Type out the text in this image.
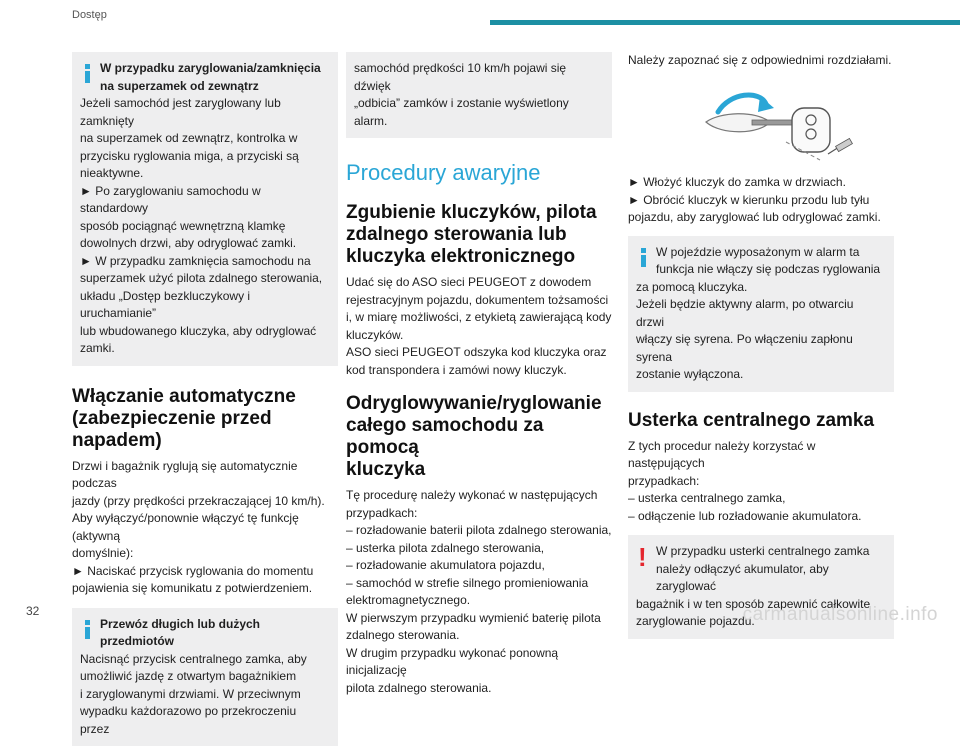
Dostęp

W przypadku zaryglowania/zamknięcia

na superzamek od zewnątrz

Jeżeli samochód jest zaryglowany lub zamknięty

na superzamek od zewnątrz, kontrolka w

przycisku ryglowania miga, a przyciski są

nieaktywne.

► Po zaryglowaniu samochodu w standardowy

sposób pociągnąć wewnętrzną klamkę

dowolnych drzwi, aby odryglować zamki.

► W przypadku zamknięcia samochodu na

superzamek użyć pilota zdalnego sterowania,

układu „Dostęp bezkluczykowy i uruchamianie”

lub wbudowanego kluczyka, aby odryglować

zamki.

Włączanie automatyczne
(zabezpieczenie przed
napadem)

Drzwi i bagażnik ryglują się automatycznie podczas

jazdy (przy prędkości przekraczającej 10 km/h).

Aby wyłączyć/ponownie włączyć tę funkcję (aktywną

domyślnie):

► Naciskać przycisk ryglowania do momentu

pojawienia się komunikatu z potwierdzeniem.

Przewóz długich lub dużych

przedmiotów

Nacisnąć przycisk centralnego zamka, aby

umożliwić jazdę z otwartym bagażnikiem

i zaryglowanymi drzwiami. W przeciwnym

wypadku każdorazowo po przekroczeniu przez

samochód prędkości 10 km/h pojawi się dźwięk

„odbicia” zamków i zostanie wyświetlony alarm.

Procedury awaryjne
Zgubienie kluczyków, pilota
zdalnego sterowania lub
kluczyka elektronicznego

Udać się do ASO sieci PEUGEOT z dowodem

rejestracyjnym pojazdu, dokumentem tożsamości

i, w miarę możliwości, z etykietą zawierającą kody

kluczyków.

ASO sieci PEUGEOT odszyka kod kluczyka oraz

kod transpondera i zamówi nowy kluczyk.

Odryglowywanie/ryglowanie
całego samochodu za pomocą
kluczyka

Tę procedurę należy wykonać w następujących

przypadkach:

– rozładowanie baterii pilota zdalnego sterowania,

– usterka pilota zdalnego sterowania,

– rozładowanie akumulatora pojazdu,

– samochód w strefie silnego promieniowania

elektromagnetycznego.

W pierwszym przypadku wymienić baterię pilota

zdalnego sterowania.

W drugim przypadku wykonać ponowną inicjalizację

pilota zdalnego sterowania.

Należy zapoznać się z odpowiednimi rozdziałami.

► Włożyć kluczyk do zamka w drzwiach.

► Obrócić kluczyk w kierunku przodu lub tyłu

pojazdu, aby zaryglować lub odryglować zamki.

W pojeździe wyposażonym w alarm ta

funkcja nie włączy się podczas ryglowania

za pomocą kluczyka.

Jeżeli będzie aktywny alarm, po otwarciu drzwi

włączy się syrena. Po włączeniu zapłonu syrena

zostanie wyłączona.

Usterka centralnego zamka

Z tych procedur należy korzystać w następujących

przypadkach:

– usterka centralnego zamka,

– odłączenie lub rozładowanie akumulatora.

! W przypadku usterki centralnego zamka

należy odłączyć akumulator, aby zaryglować

bagażnik i w ten sposób zapewnić całkowite

zaryglowanie pojazdu.

32	carmanualsonline.info
